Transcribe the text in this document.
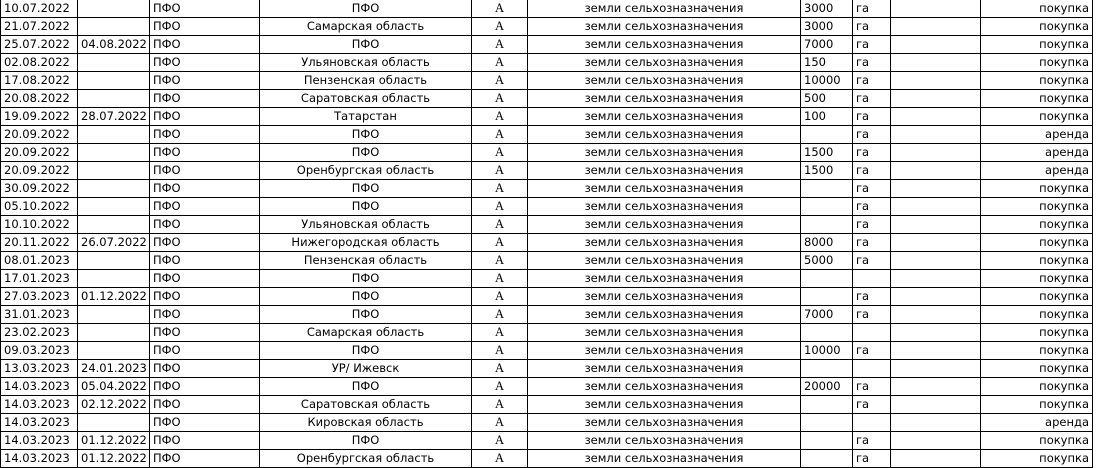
10.07.2022		ПФО	ПФО	А	земли сельхозназначения	3000	га		покупка
21.07.2022		ПФО	Самарская область	А	земли сельхозназначения	3000	га		покупка
25.07.2022	04.08.2022	ПФО	ПФО	А	земли сельхозназначения	7000	га		покупка
02.08.2022		ПФО	Ульяновская область	А	земли сельхозназначения	150	га		покупка
17.08.2022		ПФО	Пензенская область	А	земли сельхозназначения	10000	га		покупка
20.08.2022		ПФО	Саратовская область	А	земли сельхозназначения	500	га		покупка
19.09.2022	28.07.2022	ПФО	Татарстан	А	земли сельхозназначения	100	га		покупка
20.09.2022		ПФО	ПФО	А	земли сельхозназначения		га		аренда
20.09.2022		ПФО	ПФО	А	земли сельхозназначения	1500	га		аренда
20.09.2022		ПФО	Оренбургская область	А	земли сельхозназначения	1500	га		аренда
30.09.2022		ПФО	ПФО	А	земли сельхозназначения		га		покупка
05.10.2022		ПФО	ПФО	А	земли сельхозназначения		га		покупка
10.10.2022		ПФО	Ульяновская область	А	земли сельхозназначения		га		покупка
20.11.2022	26.07.2022	ПФО	Нижегородская область	А	земли сельхозназначения	8000	га		покупка
08.01.2023		ПФО	Пензенская область	А	земли сельхозназначения	5000	га		покупка
17.01.2023		ПФО	ПФО	А	земли сельхозназначения				покупка
27.03.2023	01.12.2022	ПФО	ПФО	А	земли сельхозназначения		га		покупка
31.01.2023		ПФО	ПФО	А	земли сельхозназначения	7000	га		покупка
23.02.2023		ПФО	Самарская область	А	земли сельхозназначения				покупка
09.03.2023		ПФО	ПФО	А	земли сельхозназначения	10000	га		покупка
13.03.2023	24.01.2023	ПФО	УР/ Ижевск	А	земли сельхозназначения				покупка
14.03.2023	05.04.2022	ПФО	ПФО	А	земли сельхозназначения	20000	га		покупка
14.03.2023	02.12.2022	ПФО	Саратовская область	А	земли сельхозназначения		га		покупка
14.03.2023		ПФО	Кировская область	А	земли сельхозназначения				аренда
14.03.2023	01.12.2022	ПФО	ПФО	А	земли сельхозназначения		га		покупка
14.03.2023	01.12.2022	ПФО	Оренбургская область	А	земли сельхозназначения		га		покупка
